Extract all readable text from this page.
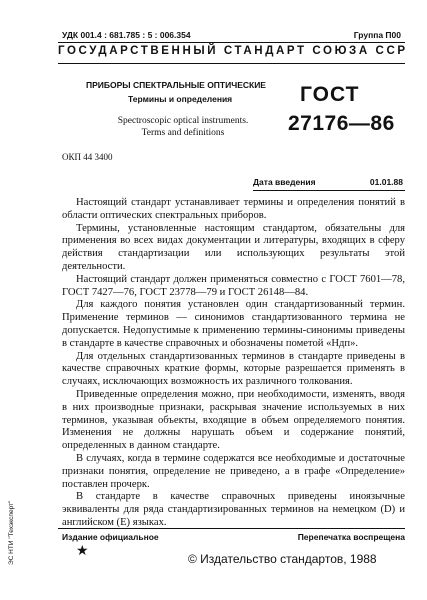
УДК 001.4 : 681.785 : 5 : 006.354	Группа П00
ГОСУДАРСТВЕННЫЙ СТАНДАРТ СОЮЗА ССР
ПРИБОРЫ СПЕКТРАЛЬНЫЕ ОПТИЧЕСКИЕ
Термины и определения
Spectroscopic optical instruments.
Terms and definitions
ГОСТ
27176—86
ОКП 44 3400
Дата введения	01.01.88

Настоящий стандарт устанавливает термины и определения понятий в области оптических спектральных приборов.

Термины, установленные настоящим стандартом, обязательны для применения во всех видах документации и литературы, входящих в сферу действия стандартизации или использующих результаты этой деятельности.

Настоящий стандарт должен применяться совместно с ГОСТ 7601—78, ГОСТ 7427—76, ГОСТ 23778—79 и ГОСТ 26148—84.

Для каждого понятия установлен один стандартизованный термин. Применение терминов — синонимов стандартизованного термина не допускается. Недопустимые к применению термины-синонимы приведены в стандарте в качестве справочных и обозначены пометой «Ндп».

Для отдельных стандартизованных терминов в стандарте приведены в качестве справочных краткие формы, которые разрешается применять в случаях, исключающих возможность их различного толкования.

Приведенные определения можно, при необходимости, изменять, вводя в них производные признаки, раскрывая значение используемых в них терминов, указывая объекты, входящие в объем определяемого понятия. Изменения не должны нарушать объем и содержание понятий, определенных в данном стандарте.

В случаях, когда в термине содержатся все необходимые и достаточные признаки понятия, определение не приведено, а в графе «Определение» поставлен прочерк.

В стандарте в качестве справочных приведены иноязычные эквиваленты для ряда стандартизированных терминов на немецком (D) и английском (E) языках.

Издание официальное	Перепечатка воспрещена
★	© Издательство стандартов, 1988
ЭС НТИ "Техэксперт"
